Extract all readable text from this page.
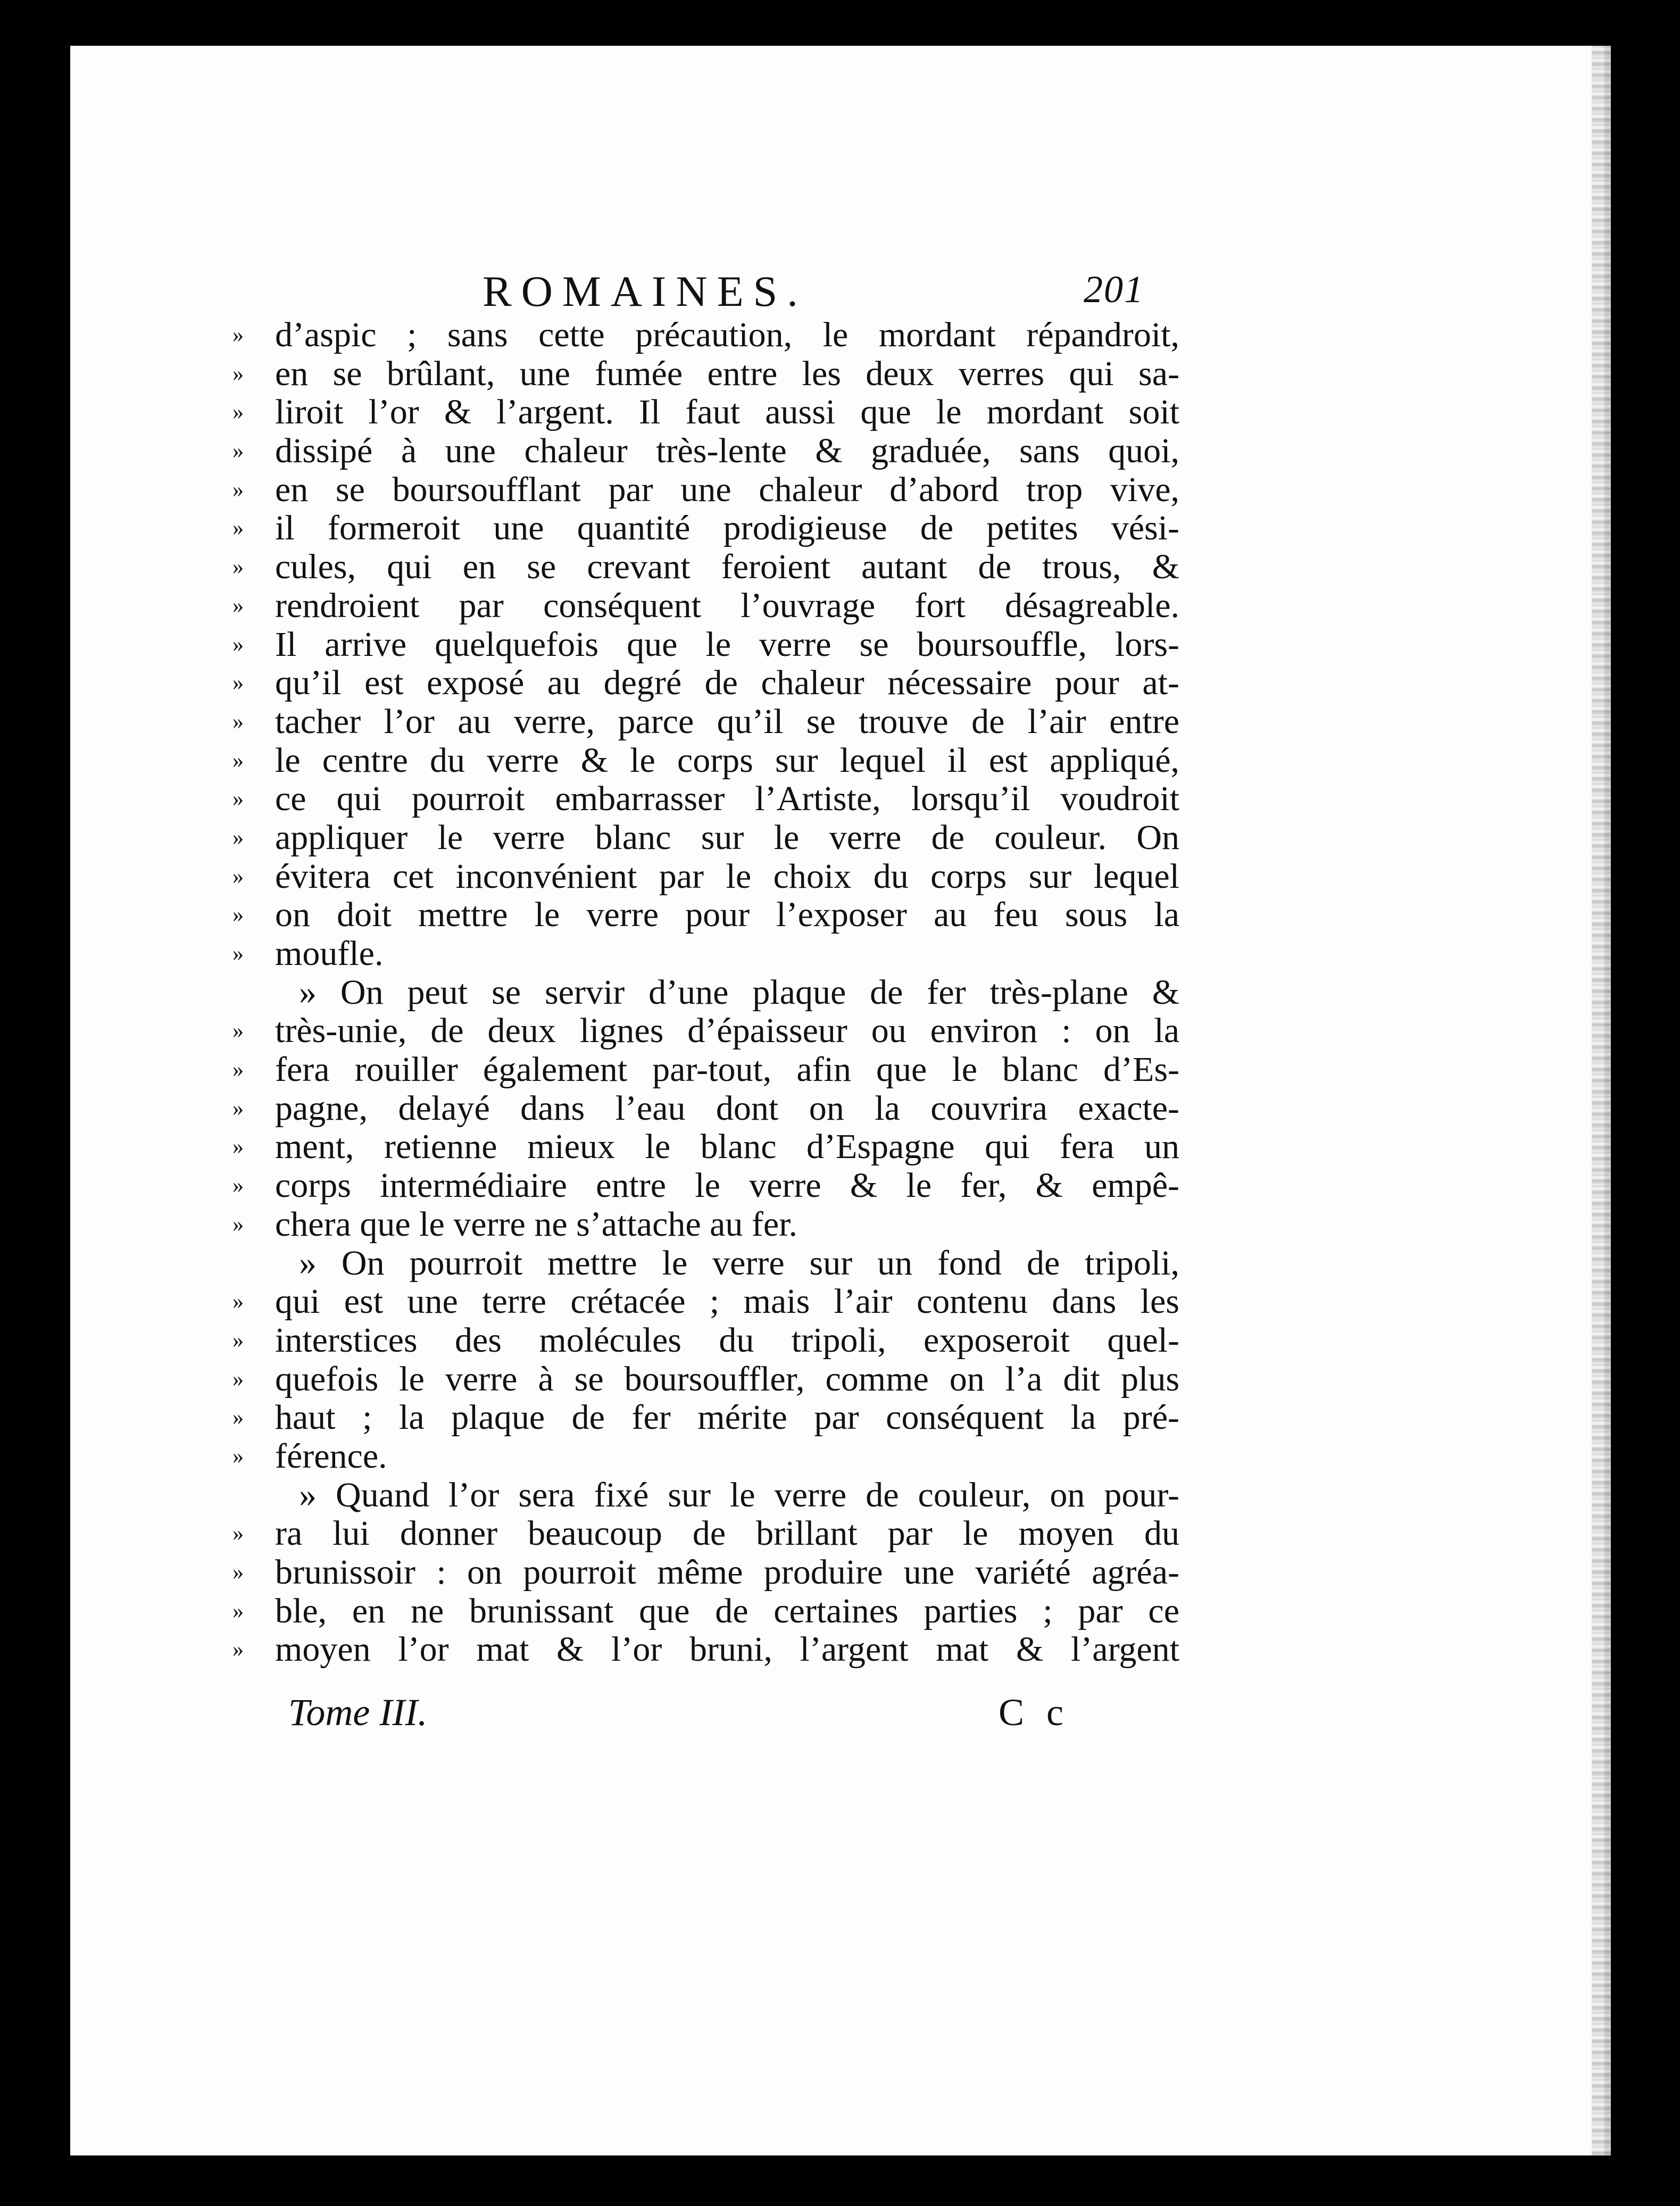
ROMAINES.	201
» d’aspic ; sans cette précaution, le mordant répandroit,
» en se brûlant, une fumée entre les deux verres qui sa-
» liroit l’or & l’argent. Il faut aussi que le mordant soit
» dissipé à une chaleur très-lente & graduée, sans quoi,
» en se boursoufflant par une chaleur d’abord trop vive,
» il formeroit une quantité prodigieuse de petites vési-
» cules, qui en se crevant feroient autant de trous, &
» rendroient par conséquent l’ouvrage fort désagreable.
» Il arrive quelquefois que le verre se boursouffle, lors-
» qu’il est exposé au degré de chaleur nécessaire pour at-
» tacher l’or au verre, parce qu’il se trouve de l’air entre
» le centre du verre & le corps sur lequel il est appliqué,
» ce qui pourroit embarrasser l’Artiste, lorsqu’il voudroit
» appliquer le verre blanc sur le verre de couleur. On
» évitera cet inconvénient par le choix du corps sur lequel
» on doit mettre le verre pour l’exposer au feu sous la
» moufle.
» On peut se servir d’une plaque de fer très-plane &
» très-unie, de deux lignes d’épaisseur ou environ : on la
» fera rouiller également par-tout, afin que le blanc d’Es-
» pagne, delayé dans l’eau dont on la couvrira exacte-
» ment, retienne mieux le blanc d’Espagne qui fera un
» corps intermédiaire entre le verre & le fer, & empê-
» chera que le verre ne s’attache au fer.
» On pourroit mettre le verre sur un fond de tripoli,
» qui est une terre crétacée ; mais l’air contenu dans les
» interstices des molécules du tripoli, exposeroit quel-
» quefois le verre à se boursouffler, comme on l’a dit plus
» haut ; la plaque de fer mérite par conséquent la pré-
» férence.
» Quand l’or sera fixé sur le verre de couleur, on pour-
» ra lui donner beaucoup de brillant par le moyen du
» brunissoir : on pourroit même produire une variété agréa-
» ble, en ne brunissant que de certaines parties ; par ce
» moyen l’or mat & l’or bruni, l’argent mat & l’argent
Tome III.	C c
